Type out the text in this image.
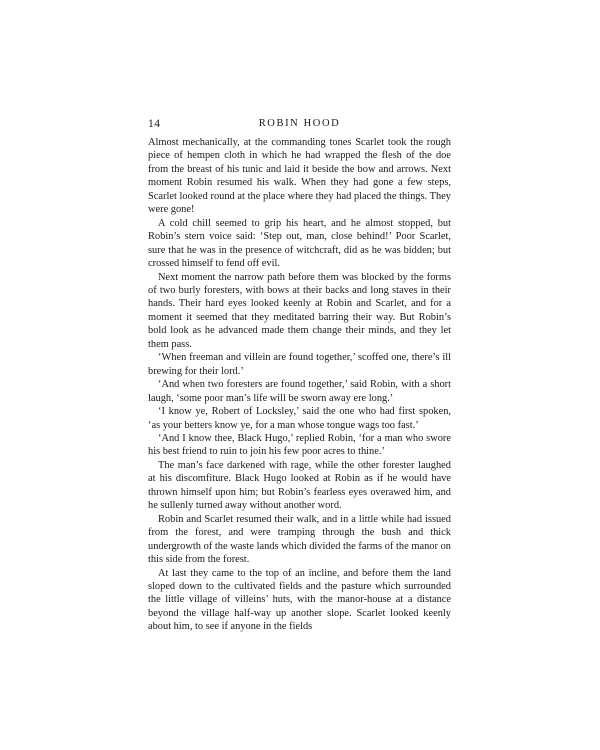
14	ROBIN HOOD

Almost mechanically, at the commanding tones Scarlet took the rough piece of hempen cloth in which he had wrapped the flesh of the doe from the breast of his tunic and laid it beside the bow and arrows. Next moment Robin resumed his walk. When they had gone a few steps, Scarlet looked round at the place where they had placed the things. They were gone!

A cold chill seemed to grip his heart, and he almost stopped, but Robin’s stern voice said: ‘Step out, man, close behind!’ Poor Scarlet, sure that he was in the presence of witchcraft, did as he was bidden; but crossed himself to fend off evil.

Next moment the narrow path before them was blocked by the forms of two burly foresters, with bows at their backs and long staves in their hands. Their hard eyes looked keenly at Robin and Scarlet, and for a moment it seemed that they meditated barring their way. But Robin’s bold look as he advanced made them change their minds, and they let them pass.

‘When freeman and villein are found together,’ scoffed one, there’s ill brewing for their lord.’

‘And when two foresters are found together,’ said Robin, with a short laugh, ‘some poor man’s life will be sworn away ere long.’

‘I know ye, Robert of Locksley,’ said the one who had first spoken, ‘as your betters know ye, for a man whose tongue wags too fast.’

‘And I know thee, Black Hugo,’ replied Robin, ‘for a man who swore his best friend to ruin to join his few poor acres to thine.’

The man’s face darkened with rage, while the other forester laughed at his discomfiture. Black Hugo looked at Robin as if he would have thrown himself upon him; but Robin’s fearless eyes overawed him, and he sullenly turned away without another word.

Robin and Scarlet resumed their walk, and in a little while had issued from the forest, and were tramping through the bush and thick undergrowth of the waste lands which divided the farms of the manor on this side from the forest.

At last they came to the top of an incline, and before them the land sloped down to the cultivated fields and the pasture which surrounded the little village of villeins’ huts, with the manor-house at a distance beyond the village half-way up another slope. Scarlet looked keenly about him, to see if anyone in the fields
